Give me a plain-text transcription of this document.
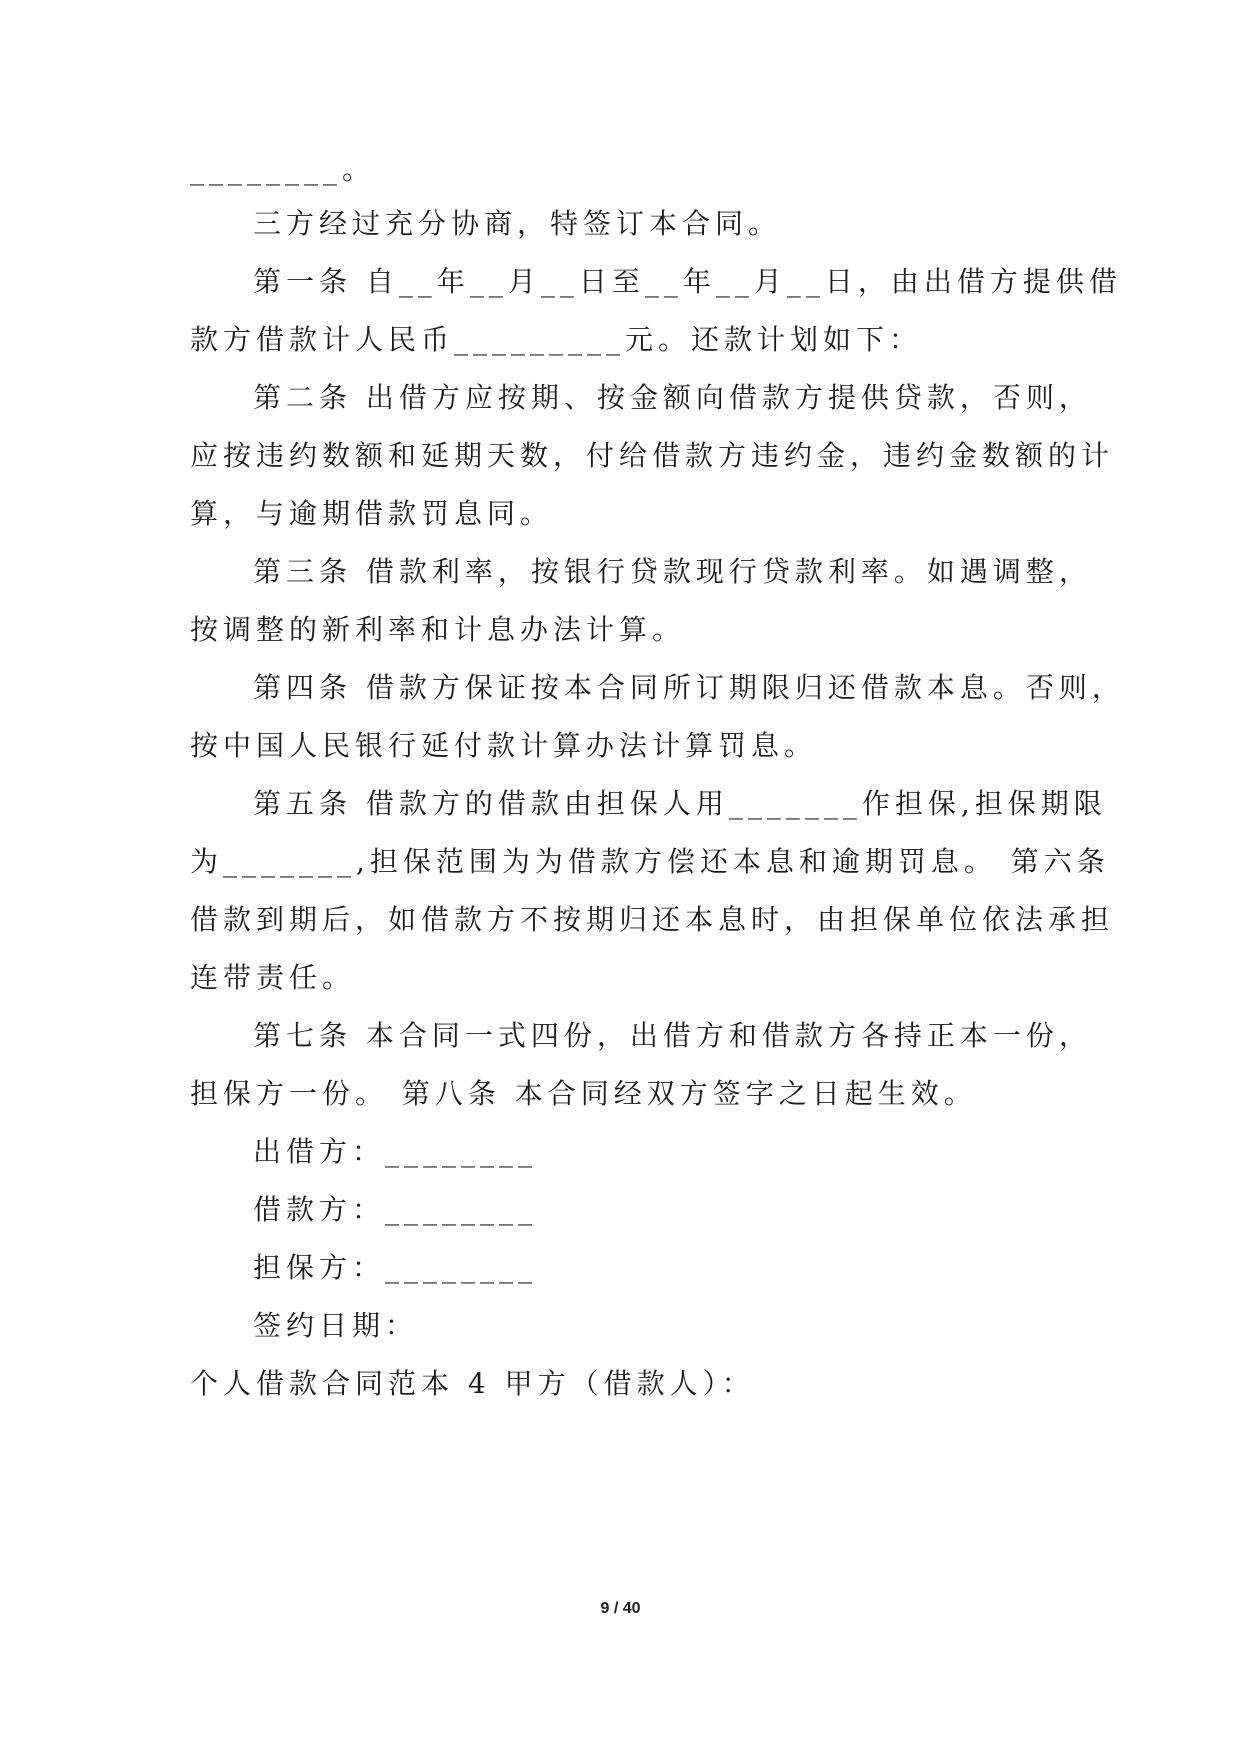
________。
三方经过充分协商，特签订本合同。
第一条 自__年__月__日至__年__月__日，由出借方提供借
款方借款计人民币_________元。还款计划如下：
第二条 出借方应按期、按金额向借款方提供贷款，否则，
应按违约数额和延期天数，付给借款方违约金，违约金数额的计
算，与逾期借款罚息同。
第三条 借款利率，按银行贷款现行贷款利率。如遇调整，
按调整的新利率和计息办法计算。
第四条 借款方保证按本合同所订期限归还借款本息。否则，
按中国人民银行延付款计算办法计算罚息。
第五条 借款方的借款由担保人用_______作担保,担保期限
为_______,担保范围为为借款方偿还本息和逾期罚息。 第六条
借款到期后，如借款方不按期归还本息时，由担保单位依法承担
连带责任。
第七条 本合同一式四份，出借方和借款方各持正本一份，
担保方一份。 第八条 本合同经双方签字之日起生效。
出借方：________
借款方：________
担保方：________
签约日期：
个人借款合同范本 4 甲方（借款人）：
9 / 40
